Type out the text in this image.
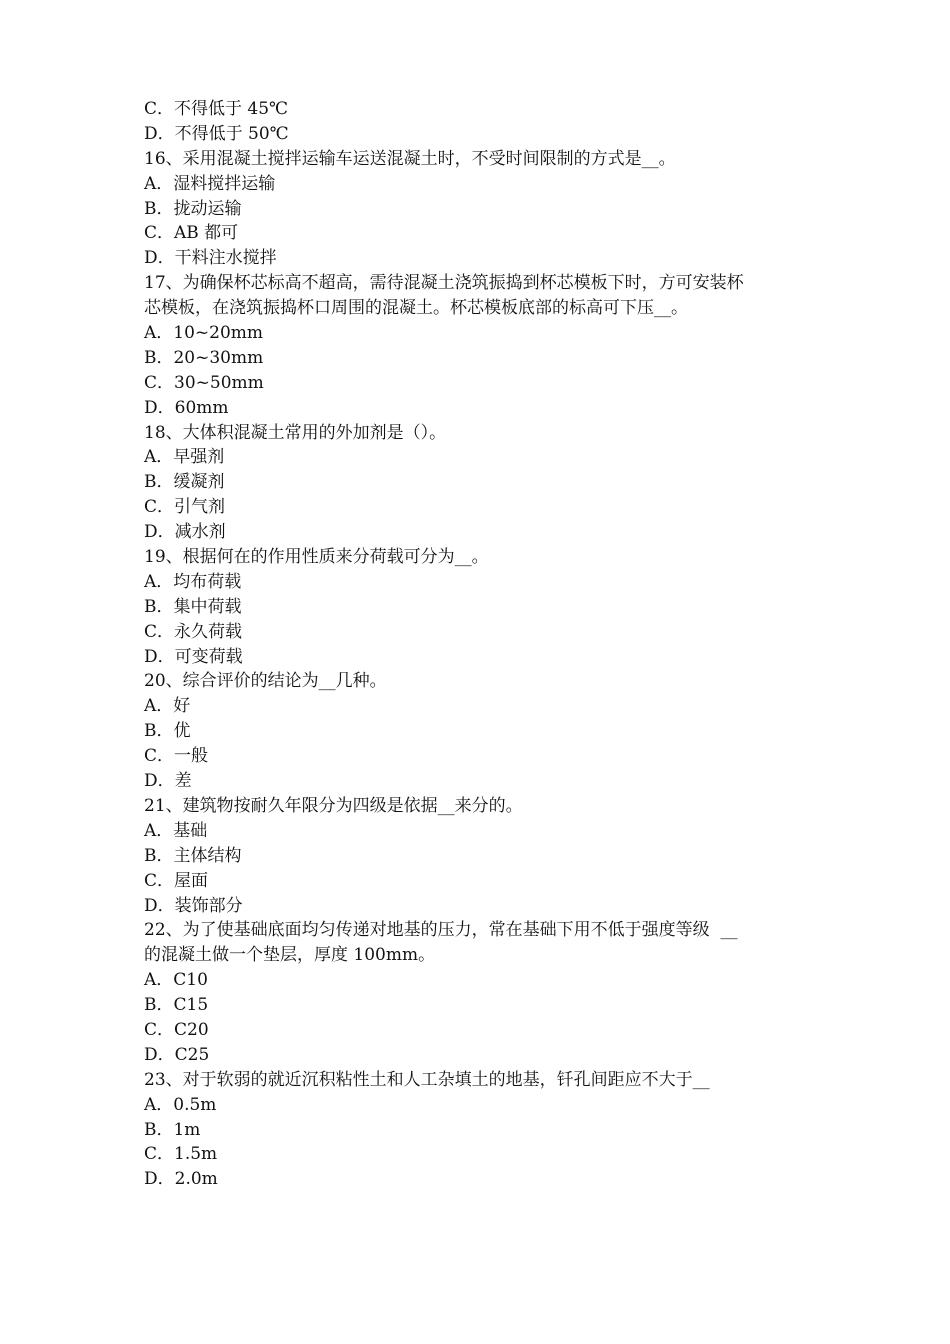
C．不得低于 45℃
D．不得低于 50℃
16、采用混凝土搅拌运输车运送混凝土时，不受时间限制的方式是__。
A．湿料搅拌运输
B．拢动运输
C．AB 都可
D．干料注水搅拌
17、为确保杯芯标高不超高，需待混凝土浇筑振捣到杯芯模板下时，方可安装杯
芯模板，在浇筑振捣杯口周围的混凝土。杯芯模板底部的标高可下压__。
A．10~20mm
B．20~30mm
C．30~50mm
D．60mm
18、大体积混凝土常用的外加剂是（）。
A．早强剂
B．缓凝剂
C．引气剂
D．减水剂
19、根据何在的作用性质来分荷载可分为__。
A．均布荷载
B．集中荷载
C．永久荷载
D．可变荷载
20、综合评价的结论为__几种。
A．好
B．优
C．一般
D．差
21、建筑物按耐久年限分为四级是依据__来分的。
A．基础
B．主体结构
C．屋面
D．装饰部分
22、为了使基础底面均匀传递对地基的压力，常在基础下用不低于强度等级  __
的混凝土做一个垫层，厚度 100mm。
A．C10
B．C15
C．C20
D．C25
23、对于软弱的就近沉积粘性土和人工杂填土的地基，钎孔间距应不大于__
A．0.5m
B．1m
C．1.5m
D．2.0m
